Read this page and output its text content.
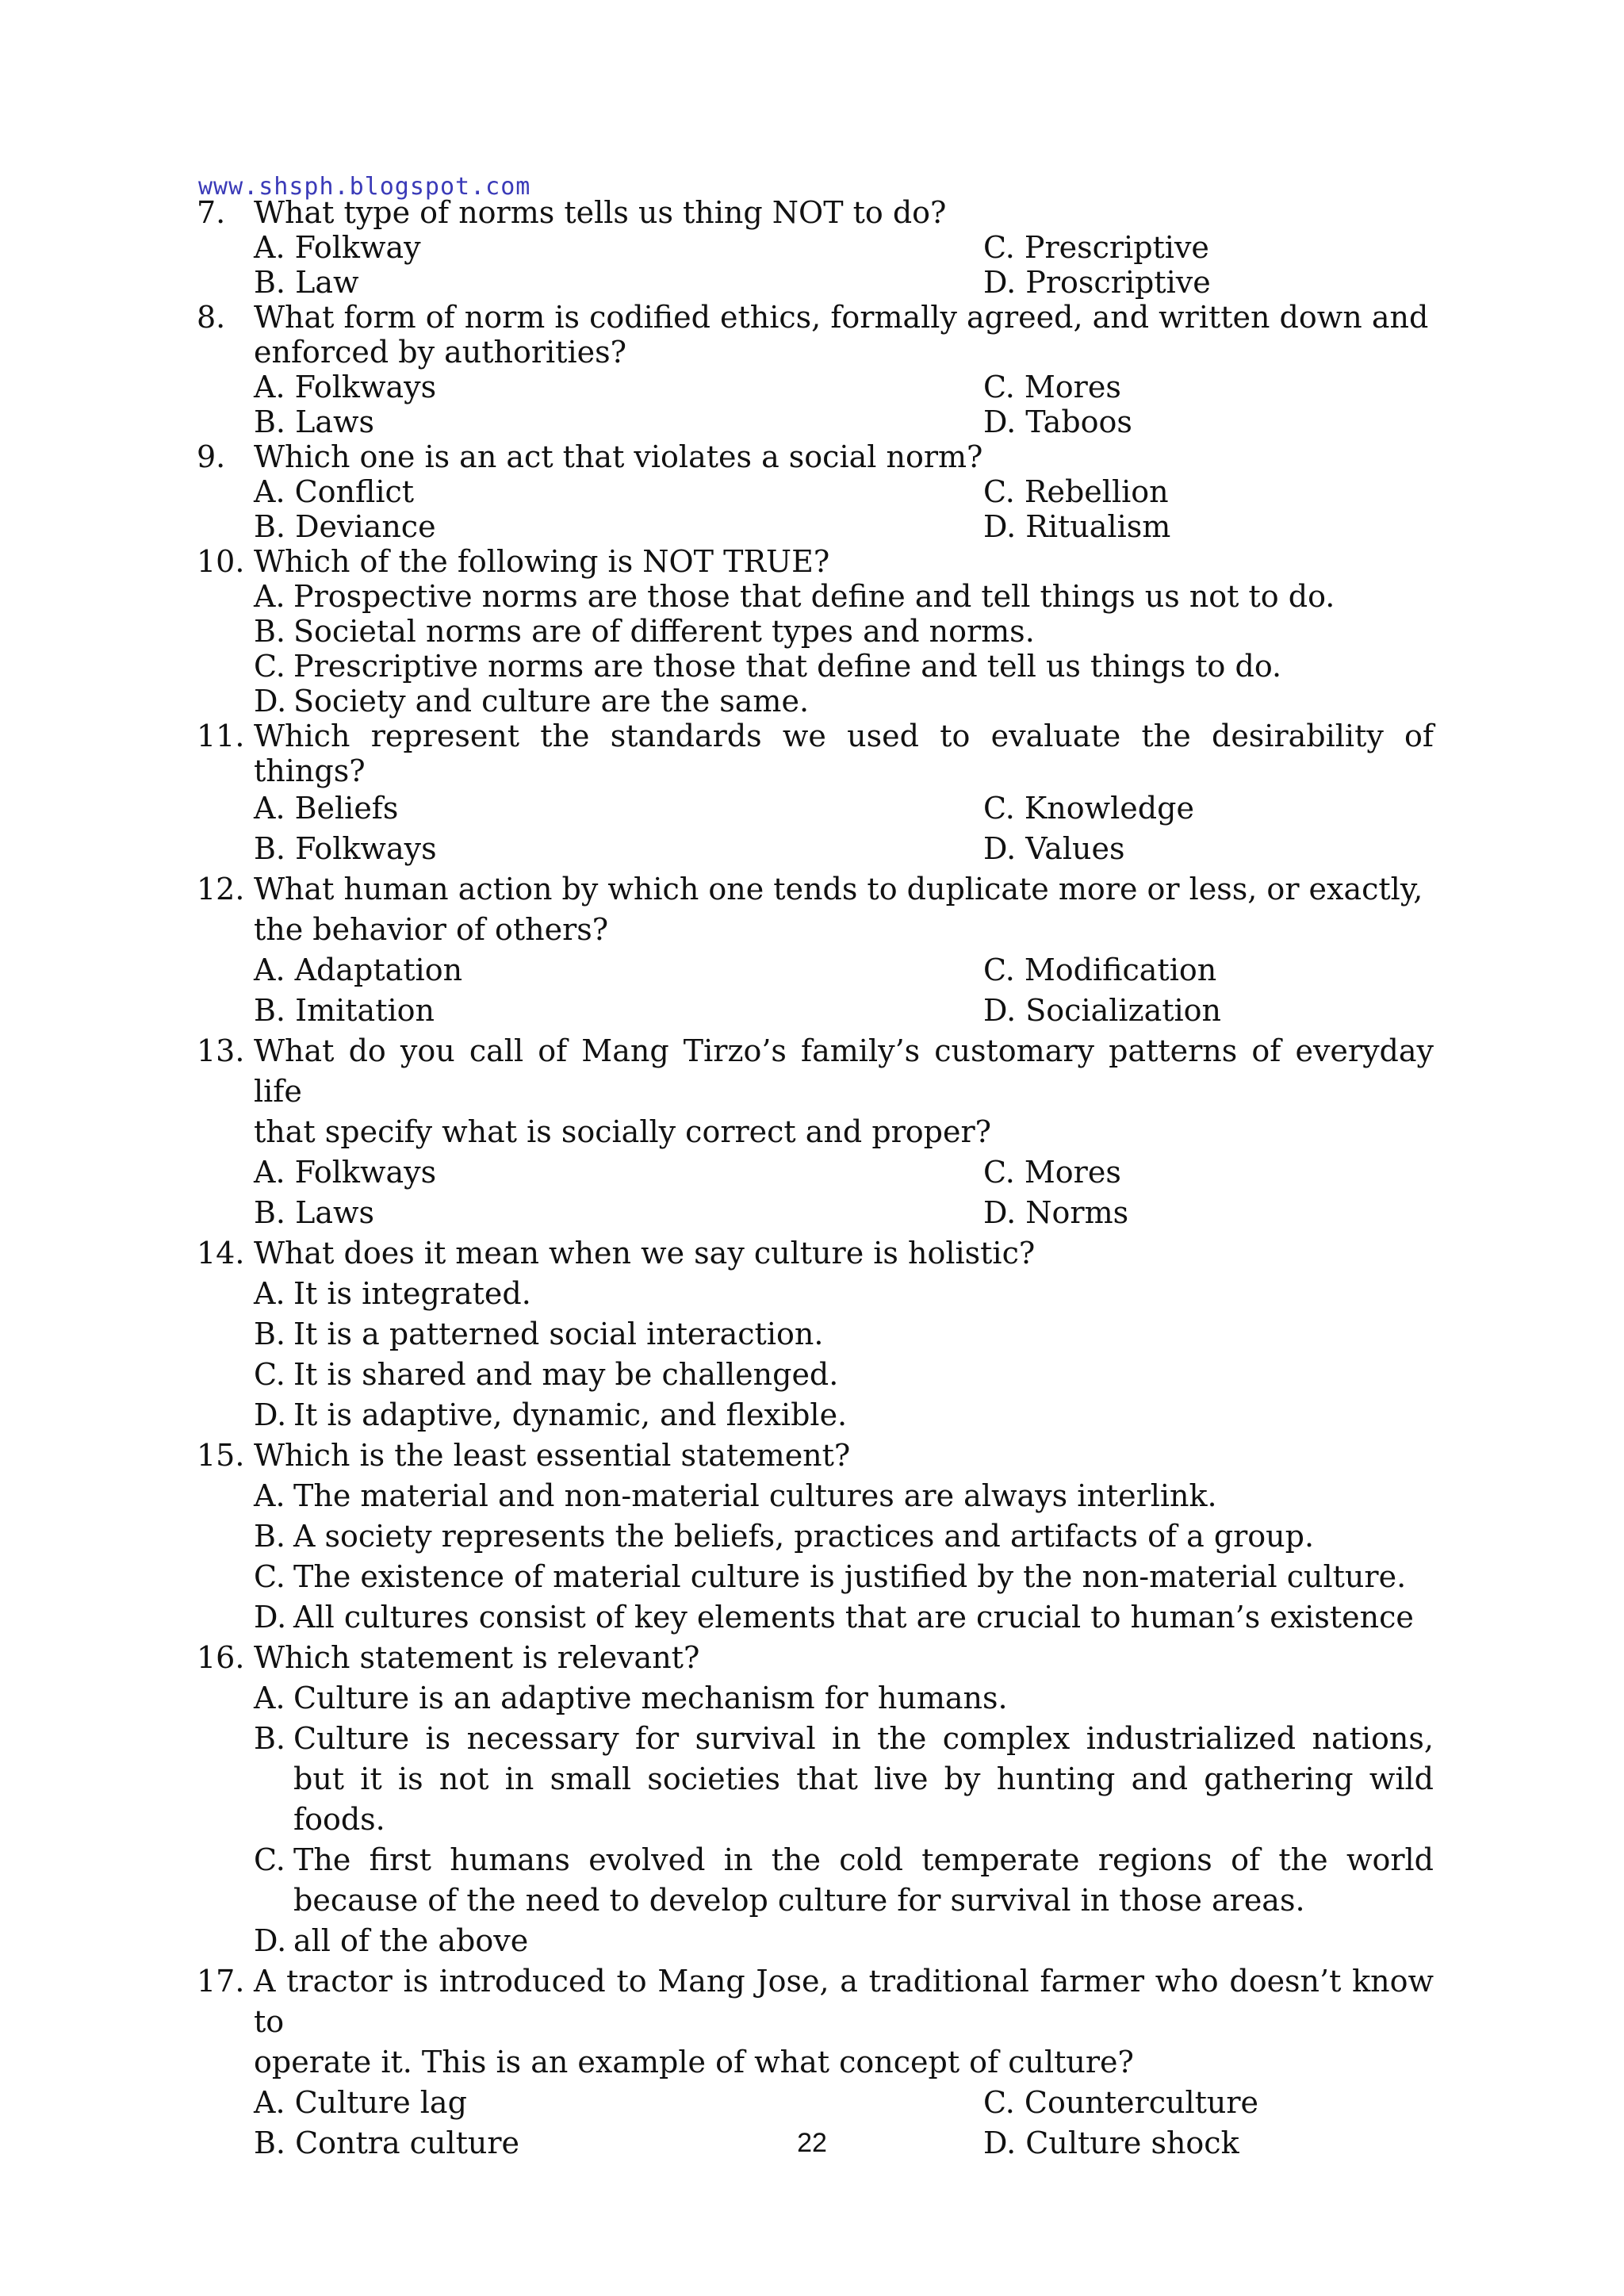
www.shsph.blogspot.com
7. What type of norms tells us thing NOT to do?
A. Folkway	C. Prescriptive
B. Law	D. Proscriptive
8. What form of norm is codified ethics, formally agreed, and written down and
enforced by authorities?
A. Folkways	C. Mores
B. Laws	D. Taboos
9. Which one is an act that violates a social norm?
A. Conflict	C. Rebellion
B. Deviance	D. Ritualism
10. Which of the following is NOT TRUE?
A. Prospective norms are those that define and tell things us not to do.
B. Societal norms are of different types and norms.
C. Prescriptive norms are those that define and tell us things to do.
D. Society and culture are the same.
11. Which represent the standards we used to evaluate the desirability of things?
A. Beliefs	C. Knowledge
B. Folkways	D. Values
12. What human action by which one tends to duplicate more or less, or exactly,
the behavior of others?
A. Adaptation	C. Modification
B. Imitation	D. Socialization
13. What do you call of Mang Tirzo’s family’s customary patterns of everyday life
that specify what is socially correct and proper?
A. Folkways	C. Mores
B. Laws	D. Norms
14. What does it mean when we say culture is holistic?
A. It is integrated.
B. It is a patterned social interaction.
C. It is shared and may be challenged.
D. It is adaptive, dynamic, and flexible.
15. Which is the least essential statement?
A. The material and non-material cultures are always interlink.
B. A society represents the beliefs, practices and artifacts of a group.
C. The existence of material culture is justified by the non-material culture.
D. All cultures consist of key elements that are crucial to human’s existence
16. Which statement is relevant?
A. Culture is an adaptive mechanism for humans.
B. Culture is necessary for survival in the complex industrialized nations, but it is not in small societies that live by hunting and gathering wild foods.
C. The first humans evolved in the cold temperate regions of the world because of the need to develop culture for survival in those areas.
D. all of the above
17. A tractor is introduced to Mang Jose, a traditional farmer who doesn’t know to
operate it. This is an example of what concept of culture?
A. Culture lag	C. Counterculture
B. Contra culture	D. Culture shock
22
